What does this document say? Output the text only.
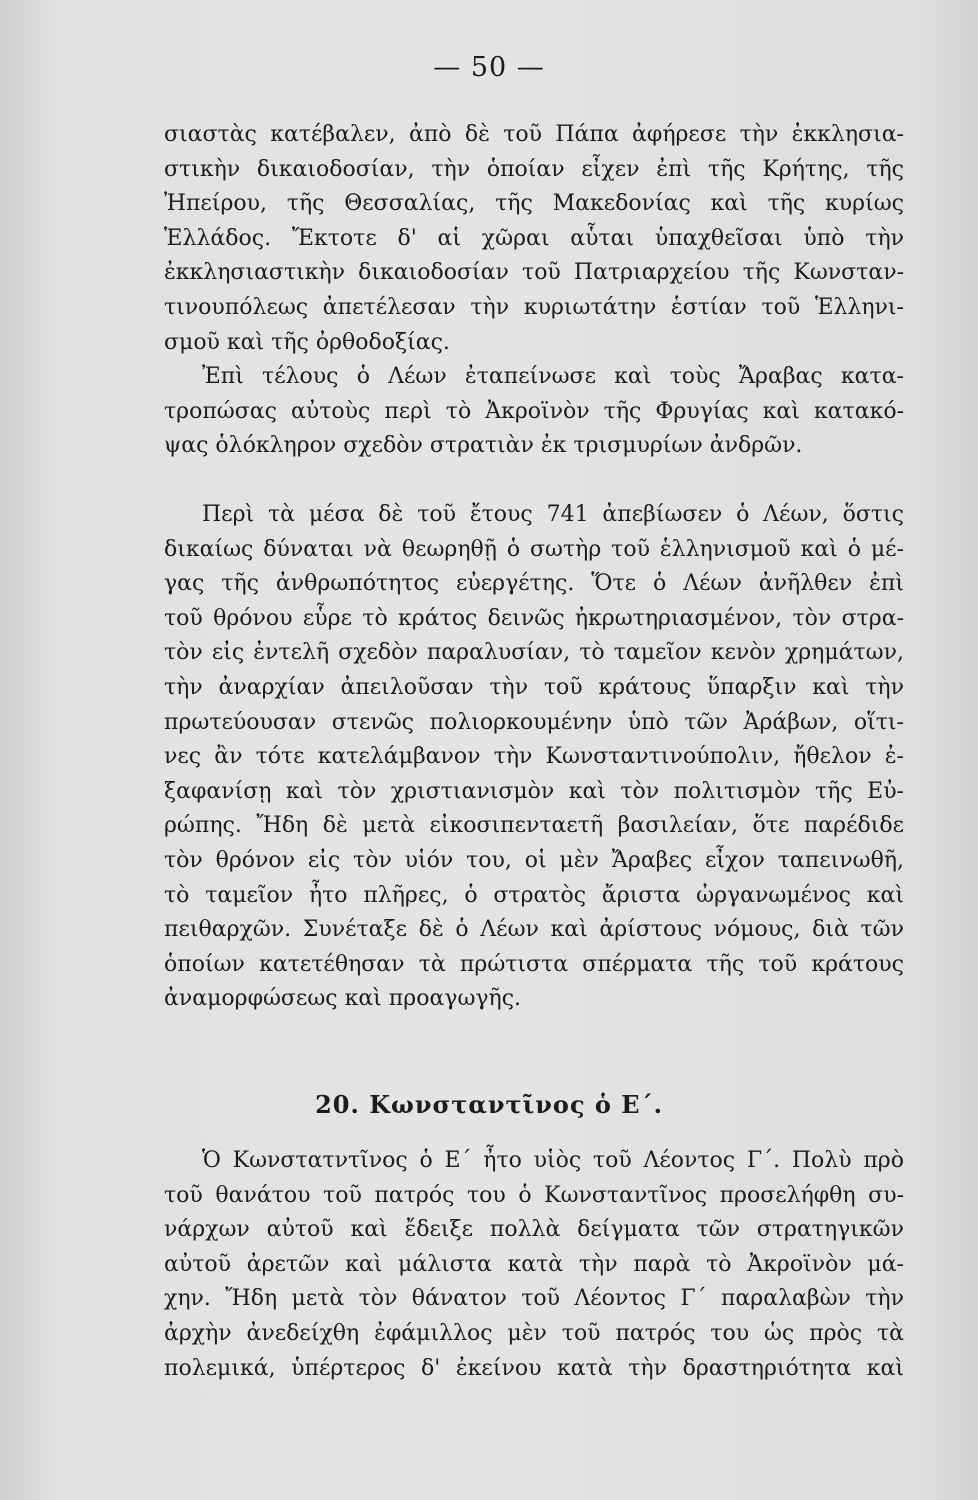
— 50 —
σιαστὰς κατέβαλεν, ἀπὸ δὲ τοῦ Πάπα ἀφήρεσε τὴν ἐκκλησια-
στικὴν δικαιοδοσίαν, τὴν ὁποίαν εἶχεν ἐπὶ τῆς Κρήτης, τῆς
Ἠπείρου, τῆς Θεσσαλίας, τῆς Μακεδονίας καὶ τῆς κυρίως
Ἑλλάδος. Ἔκτοτε δ' αἱ χῶραι αὗται ὑπαχθεῖσαι ὑπὸ τὴν
ἐκκλησιαστικὴν δικαιοδοσίαν τοῦ Πατριαρχείου τῆς Κωνσταν-
τινουπόλεως ἀπετέλεσαν τὴν κυριωτάτην ἑστίαν τοῦ Ἑλληνι-
σμοῦ καὶ τῆς ὀρθοδοξίας.
Ἐπὶ τέλους ὁ Λέων ἐταπείνωσε καὶ τοὺς Ἄραβας κατα-
τροπώσας αὐτοὺς περὶ τὸ Ἀκροϊνὸν τῆς Φρυγίας καὶ κατακό-
ψας ὁλόκληρον σχεδὸν στρατιὰν ἐκ τρισμυρίων ἀνδρῶν.
Περὶ τὰ μέσα δὲ τοῦ ἔτους 741 ἀπεβίωσεν ὁ Λέων, ὅστις
δικαίως δύναται νὰ θεωρηθῇ ὁ σωτὴρ τοῦ ἑλληνισμοῦ καὶ ὁ μέ-
γας τῆς ἀνθρωπότητος εὐεργέτης. Ὅτε ὁ Λέων ἀνῆλθεν ἐπὶ
τοῦ θρόνου εὗρε τὸ κράτος δεινῶς ἠκρωτηριασμένον, τὸν στρα-
τὸν εἰς ἐντελῆ σχεδὸν παραλυσίαν, τὸ ταμεῖον κενὸν χρημάτων,
τὴν ἀναρχίαν ἀπειλοῦσαν τὴν τοῦ κράτους ὕπαρξιν καὶ τὴν
πρωτεύουσαν στενῶς πολιορκουμένην ὑπὸ τῶν Ἀράβων, οἵτι-
νες ἂν τότε κατελάμβανον τὴν Κωνσταντινούπολιν, ἤθελον ἐ-
ξαφανίσῃ καὶ τὸν χριστιανισμὸν καὶ τὸν πολιτισμὸν τῆς Εὐ-
ρώπης. Ἤδη δὲ μετὰ εἰκοσιπενταετῆ βασιλείαν, ὅτε παρέδιδε
τὸν θρόνον εἰς τὸν υἱόν του, οἱ μὲν Ἄραβες εἶχον ταπεινωθῆ,
τὸ ταμεῖον ἦτο πλῆρες, ὁ στρατὸς ἄριστα ὠργανωμένος καὶ
πειθαρχῶν. Συνέταξε δὲ ὁ Λέων καὶ ἀρίστους νόμους, διὰ τῶν
ὁποίων κατετέθησαν τὰ πρώτιστα σπέρματα τῆς τοῦ κράτους
ἀναμορφώσεως καὶ προαγωγῆς.
20. Κωνσταντῖνος ὁ Ε΄.
Ὁ Κωνστατντῖνος ὁ Ε΄ ἦτο υἱὸς τοῦ Λέοντος Γ΄. Πολὺ πρὸ
τοῦ θανάτου τοῦ πατρός του ὁ Κωνσταντῖνος προσελήφθη συ-
νάρχων αὐτοῦ καὶ ἔδειξε πολλὰ δείγματα τῶν στρατηγικῶν
αὐτοῦ ἀρετῶν καὶ μάλιστα κατὰ τὴν παρὰ τὸ Ἀκροϊνὸν μά-
χην. Ἤδη μετὰ τὸν θάνατον τοῦ Λέοντος Γ΄ παραλαβὼν τὴν
ἀρχὴν ἀνεδείχθη ἐφάμιλλος μὲν τοῦ πατρός του ὡς πρὸς τὰ
πολεμικά, ὑπέρτερος δ' ἐκείνου κατὰ τὴν δραστηριότητα καὶ
